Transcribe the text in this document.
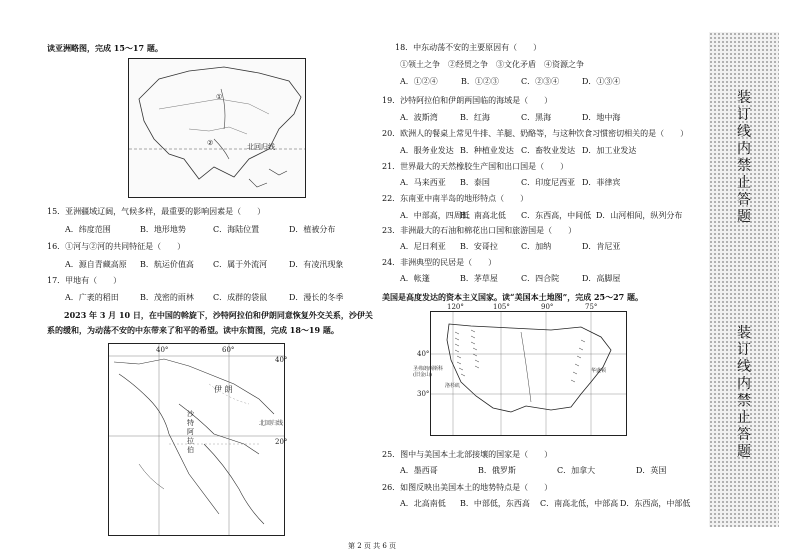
读亚洲略图，完成 15～17 题。
①
②	北回归线
15．亚洲疆域辽阔，气候多样，最重要的影响因素是（　　）
A．纬度范围	B．地形地势	C．海陆位置	D．植被分布
16．①河与②河的共同特征是（　　）
A．源自青藏高原 B．航运价值高 C．属于外流河	D．有凌汛现象
17．甲地有（　　）
A．广袤的稻田	B．茂密的雨林 C．成群的袋鼠	D．漫长的冬季
2023 年 3 月 10 日，在中国的斡旋下，沙特阿拉伯和伊朗同意恢复外交关系，沙伊关
系的缓和，为动荡不安的中东带来了和平的希望。读中东简图，完成 18～19 题。
40°	60°
40°
伊 朗
沙
特
阿
拉
伯
北回归线
20°
18．中东动荡不安的主要原因有（　　）
①领土之争　②经贸之争　③文化矛盾　④资源之争
A．①②④	B．①②③	C．②③④	D．①③④
19．沙特阿拉伯和伊朗两国临的海域是（　　）
A．波斯湾	B．红海	C．黑海	D．地中海
20．欧洲人的餐桌上常见牛排、羊腿、奶酪等，与这种饮食习惯密切相关的是（　　）
A．服务业发达 B．种植业发达 C．畜牧业发达 D．加工业发达
21．世界最大的天然橡胶生产国和出口国是（　　）
A．马来西亚 B．泰国	C．印度尼西亚 D．菲律宾
22．东南亚中南半岛的地形特点（　　）
A．中部高，四周低
B．南高北低 C．东西高，中间低 D．山河相间，纵列分布
23．非洲最大的石油和棉花出口国和旅游国是（　　）
A．尼日利亚 B．安哥拉	C．加纳	D．肯尼亚
24．非洲典型的民居是（　　）
A．帐篷	B．茅草屋	C．四合院	D．高脚屋
美国是高度发达的资本主义国家。读“美国本土地图”，完成 25～27 题。
120°	105°	90°	75°
40°
30°
圣弗朗西斯科
(旧金山)
洛杉矶
华盛顿
25．图中与美国本土北部接壤的国家是（　　）
A．墨西哥	B．俄罗斯	C．加拿大	D．英国
26．如图反映出美国本土的地势特点是（　　）
A．北高南低 B．中部低，东西高 C．南高北低，中部高 D．东西高，中部低
第 2 页 共 6 页
装订线内禁止答题
装订线内禁止答题
